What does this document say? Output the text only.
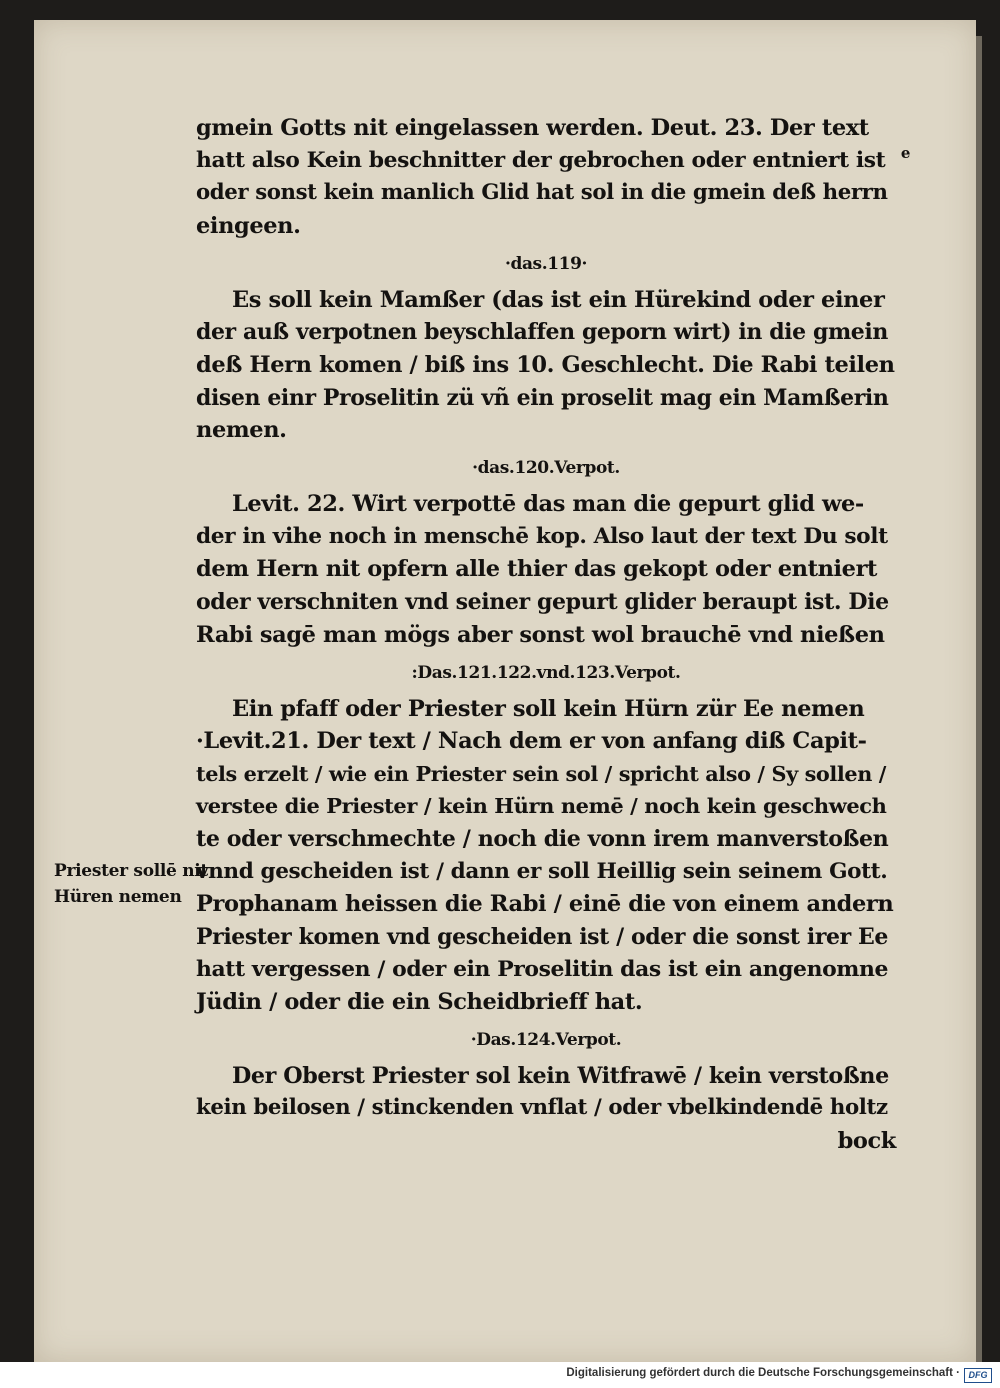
gmein Gotts nit eingelassen werden. Deut. 23. Der text
hatt also Kein beschnitter der gebrochen oder entniert ist e
oder sonst kein manlich Glid hat sol in die gmein deß herrn
eingeen.
·das.119·
Es soll kein Mamßer (das ist ein Hürekind oder einer
der auß verpotnen beyschlaffen geporn wirt) in die gmein
deß Hern komen / biß ins 10. Geschlecht. Die Rabi teilen
disen einr Proselitin zü vñ ein proselit mag ein Mamßerin
nemen.
·das.120.Verpot.
Levit. 22. Wirt verpottē das man die gepurt glid we-
der in vihe noch in menschē kop. Also laut der text Du solt
dem Hern nit opfern alle thier das gekopt oder entniert
oder verschniten vnd seiner gepurt glider beraupt ist. Die
Rabi sagē man mögs aber sonst wol brauchē vnd nießen
:Das.121.122.vnd.123.Verpot.
Ein pfaff oder Priester soll kein Hürn zür Ee nemen
·Levit.21. Der text / Nach dem er von anfang diß Capit-
tels erzelt / wie ein Priester sein sol / spricht also / Sy sollen /
verstee die Priester / kein Hürn nemē / noch kein geschwech
te oder verschmechte / noch die vonn irem manverstoßen
vnnd gescheiden ist / dann er soll Heillig sein seinem Gott.
Prophanam heissen die Rabi / einē die von einem andern
Priester komen vnd gescheiden ist / oder die sonst irer Ee
hatt vergessen / oder ein Proselitin das ist ein angenomne
Jüdin / oder die ein Scheidbrieff hat.
·Das.124.Verpot.
Der Oberst Priester sol kein Witfrawē / kein verstoßne
kein beilosen / stinckenden vnflat / oder vbelkindendē holtz
bock
Priester sollē nit
Hüren nemen
Digitalisierung gefördert durch die Deutsche Forschungsgemeinschaft · DFG
